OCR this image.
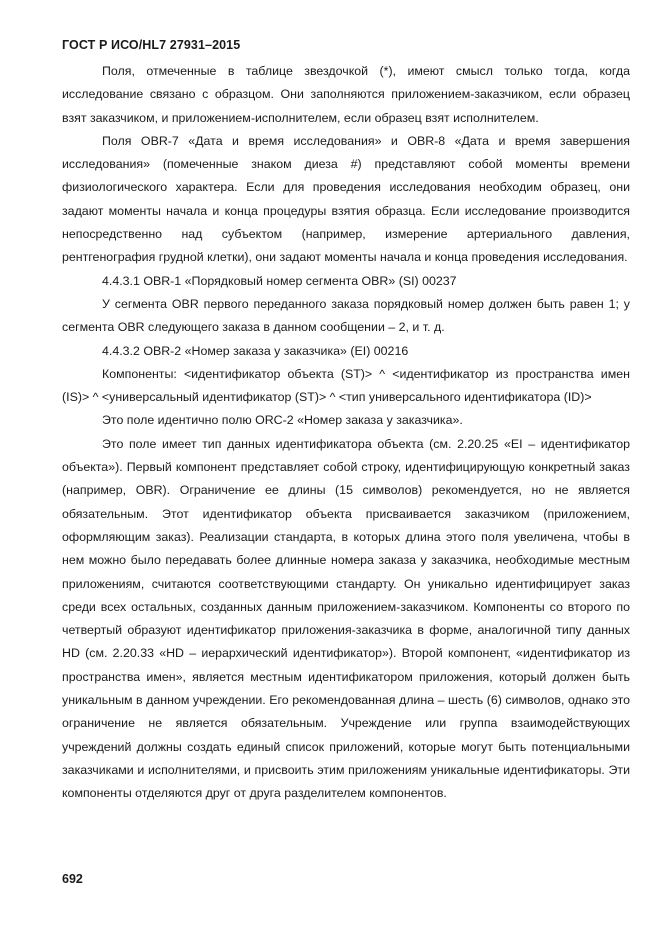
ГОСТ Р ИСО/HL7 27931–2015

Поля, отмеченные в таблице звездочкой (*), имеют смысл только тогда, когда исследование связано с образцом. Они заполняются приложением-заказчиком, если образец взят заказчиком, и приложением-исполнителем, если образец взят исполнителем.

Поля OBR-7 «Дата и время исследования» и OBR-8 «Дата и время завершения исследования» (помеченные знаком диеза #) представляют собой моменты времени физиологического характера. Если для проведения исследования необходим образец, они задают моменты начала и конца процедуры взятия образца. Если исследование производится непосредственно над субъектом (например, измерение артериального давления, рентгенография грудной клетки), они задают моменты начала и конца проведения исследования.

4.4.3.1 OBR-1 «Порядковый номер сегмента OBR» (SI) 00237

У сегмента OBR первого переданного заказа порядковый номер должен быть равен 1; у сегмента OBR следующего заказа в данном сообщении – 2, и т. д.

4.4.3.2 OBR-2 «Номер заказа у заказчика» (EI) 00216

Компоненты: <идентификатор объекта (ST)> ^ <идентификатор из пространства имен (IS)> ^ <универсальный идентификатор (ST)> ^ <тип универсального идентификатора (ID)>

Это поле идентично полю ORC-2 «Номер заказа у заказчика».

Это поле имеет тип данных идентификатора объекта (см. 2.20.25 «EI – идентификатор объекта»). Первый компонент представляет собой строку, идентифицирующую конкретный заказ (например, OBR). Ограничение ее длины (15 символов) рекомендуется, но не является обязательным. Этот идентификатор объекта присваивается заказчиком (приложением, оформляющим заказ). Реализации стандарта, в которых длина этого поля увеличена, чтобы в нем можно было передавать более длинные номера заказа у заказчика, необходимые местным приложениям, считаются соответствующими стандарту. Он уникально идентифицирует заказ среди всех остальных, созданных данным приложением-заказчиком. Компоненты со второго по четвертый образуют идентификатор приложения-заказчика в форме, аналогичной типу данных HD (см. 2.20.33 «HD – иерархический идентификатор»). Второй компонент, «идентификатор из пространства имен», является местным идентификатором приложения, который должен быть уникальным в данном учреждении. Его рекомендованная длина – шесть (6) символов, однако это ограничение не является обязательным. Учреждение или группа взаимодействующих учреждений должны создать единый список приложений, которые могут быть потенциальными заказчиками и исполнителями, и присвоить этим приложениям уникальные идентификаторы. Эти компоненты отделяются друг от друга разделителем компонентов.

692
